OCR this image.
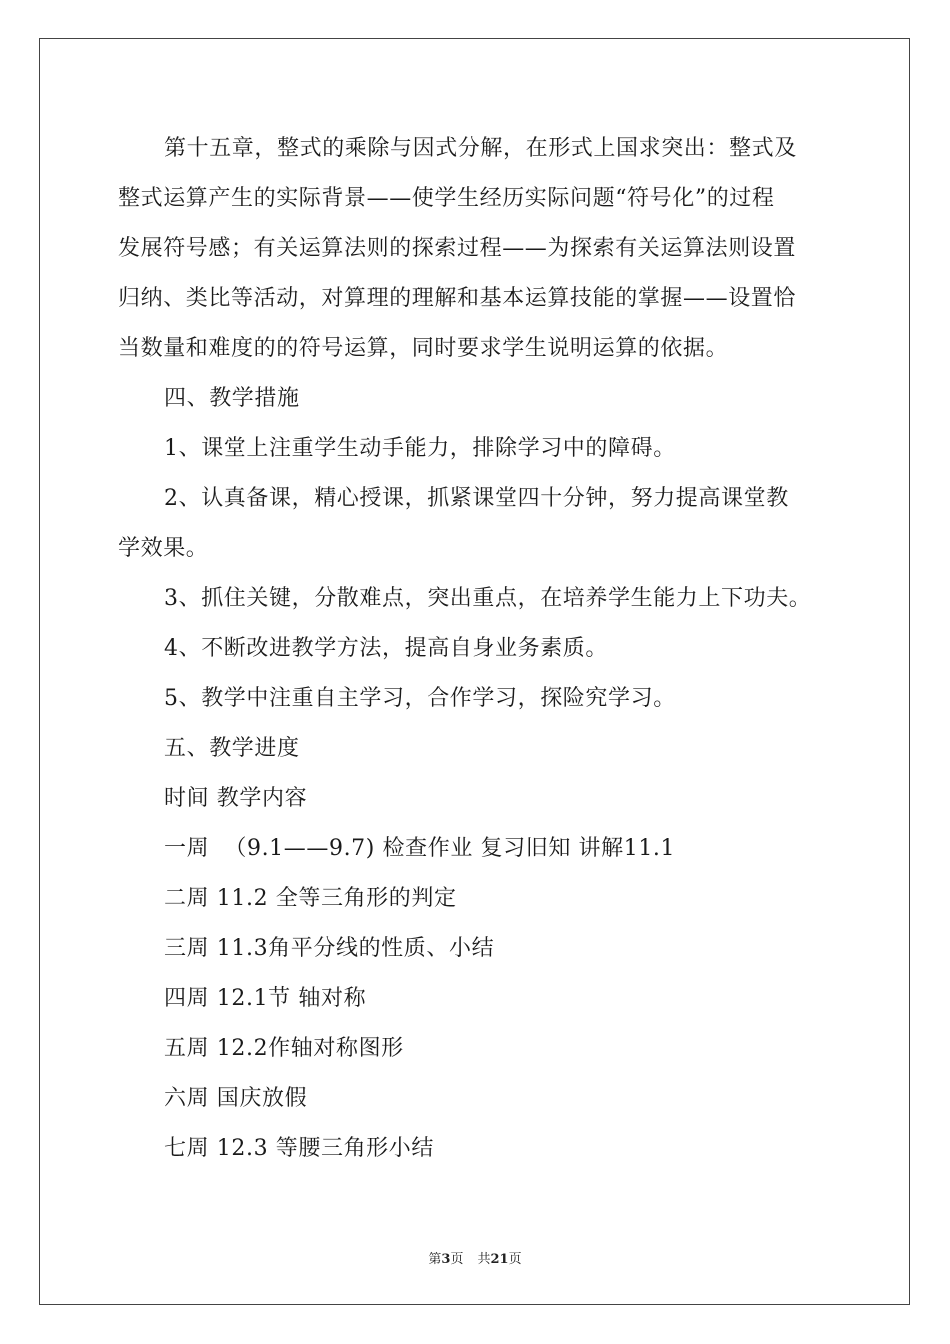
第十五章，整式的乘除与因式分解，在形式上国求突出：整式及
整式运算产生的实际背景——使学生经历实际问题“符号化”的过程
发展符号感；有关运算法则的探索过程——为探索有关运算法则设置
归纳、类比等活动，对算理的理解和基本运算技能的掌握——设置恰
当数量和难度的的符号运算，同时要求学生说明运算的依据。
四、教学措施
1、课堂上注重学生动手能力，排除学习中的障碍。
2、认真备课，精心授课，抓紧课堂四十分钟，努力提高课堂教
学效果。
3、抓住关键，分散难点，突出重点，在培养学生能力上下功夫。
4、不断改进教学方法，提高自身业务素质。
5、教学中注重自主学习，合作学习，探险究学习。
五、教学进度
时间 教学内容
一周  （9.1——9.7) 检查作业 复习旧知 讲解11.1
二周 11.2 全等三角形的判定
三周 11.3角平分线的性质、小结
四周 12.1节 轴对称
五周 12.2作轴对称图形
六周 国庆放假
七周 12.3 等腰三角形小结
第3页 共21页
